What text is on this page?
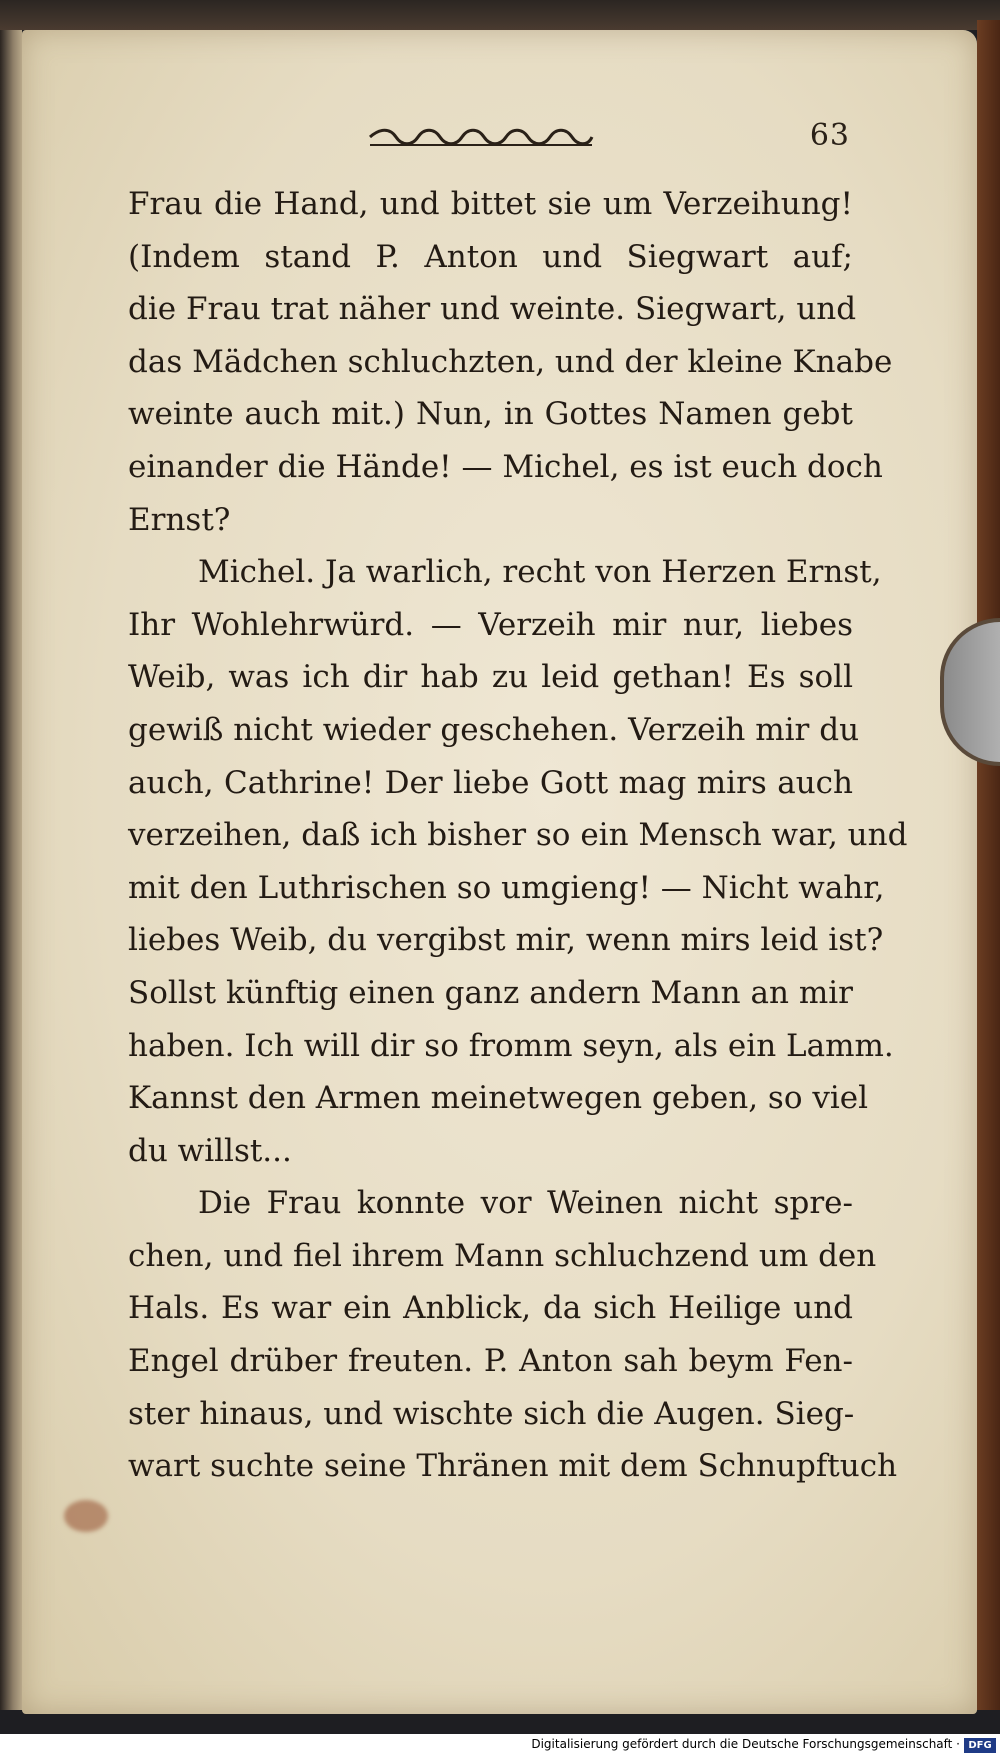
63
Frau die Hand, und bittet sie um Verzeihung!
(Indem stand P. Anton und Siegwart auf;
die Frau trat näher und weinte. Siegwart, und
das Mädchen schluchzten, und der kleine Knabe
weinte auch mit.) Nun, in Gottes Namen gebt
einander die Hände! — Michel, es ist euch doch
Ernst?
Michel. Ja warlich, recht von Herzen Ernst,
Ihr Wohlehrwürd. — Verzeih mir nur, liebes
Weib, was ich dir hab zu leid gethan! Es soll
gewiß nicht wieder geschehen. Verzeih mir du
auch, Cathrine! Der liebe Gott mag mirs auch
verzeihen, daß ich bisher so ein Mensch war, und
mit den Luthrischen so umgieng! — Nicht wahr,
liebes Weib, du vergibst mir, wenn mirs leid ist?
Sollst künftig einen ganz andern Mann an mir
haben. Ich will dir so fromm seyn, als ein Lamm.
Kannst den Armen meinetwegen geben, so viel
du willst...
Die Frau konnte vor Weinen nicht spre-
chen, und fiel ihrem Mann schluchzend um den
Hals. Es war ein Anblick, da sich Heilige und
Engel drüber freuten. P. Anton sah beym Fen-
ster hinaus, und wischte sich die Augen. Sieg-
wart suchte seine Thränen mit dem Schnupftuch
Digitalisierung gefördert durch die Deutsche Forschungsgemeinschaft · DFG
